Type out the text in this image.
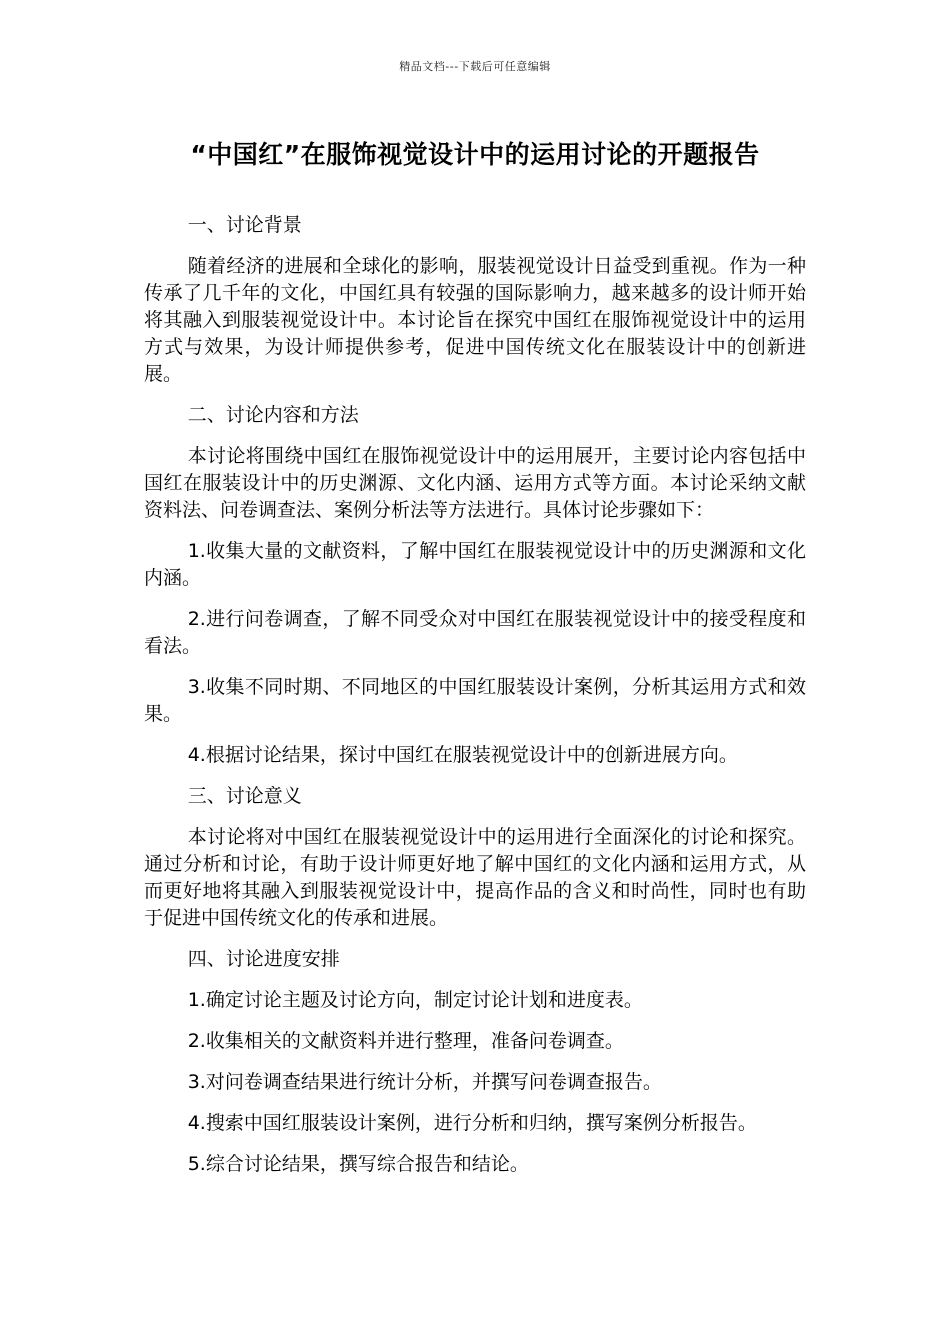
精品文档---下载后可任意编辑
“中国红”在服饰视觉设计中的运用讨论的开题报告

一、讨论背景

随着经济的进展和全球化的影响，服装视觉设计日益受到重视。作为一种传承了几千年的文化，中国红具有较强的国际影响力，越来越多的设计师开始将其融入到服装视觉设计中。本讨论旨在探究中国红在服饰视觉设计中的运用方式与效果，为设计师提供参考，促进中国传统文化在服装设计中的创新进展。

二、讨论内容和方法

本讨论将围绕中国红在服饰视觉设计中的运用展开，主要讨论内容包括中国红在服装设计中的历史渊源、文化内涵、运用方式等方面。本讨论采纳文献资料法、问卷调查法、案例分析法等方法进行。具体讨论步骤如下：

1.收集大量的文献资料，了解中国红在服装视觉设计中的历史渊源和文化内涵。

2.进行问卷调查，了解不同受众对中国红在服装视觉设计中的接受程度和看法。

3.收集不同时期、不同地区的中国红服装设计案例，分析其运用方式和效果。

4.根据讨论结果，探讨中国红在服装视觉设计中的创新进展方向。

三、讨论意义

本讨论将对中国红在服装视觉设计中的运用进行全面深化的讨论和探究。通过分析和讨论，有助于设计师更好地了解中国红的文化内涵和运用方式，从而更好地将其融入到服装视觉设计中，提高作品的含义和时尚性，同时也有助于促进中国传统文化的传承和进展。

四、讨论进度安排

1.确定讨论主题及讨论方向，制定讨论计划和进度表。

2.收集相关的文献资料并进行整理，准备问卷调查。

3.对问卷调查结果进行统计分析，并撰写问卷调查报告。

4.搜索中国红服装设计案例，进行分析和归纳，撰写案例分析报告。

5.综合讨论结果，撰写综合报告和结论。
